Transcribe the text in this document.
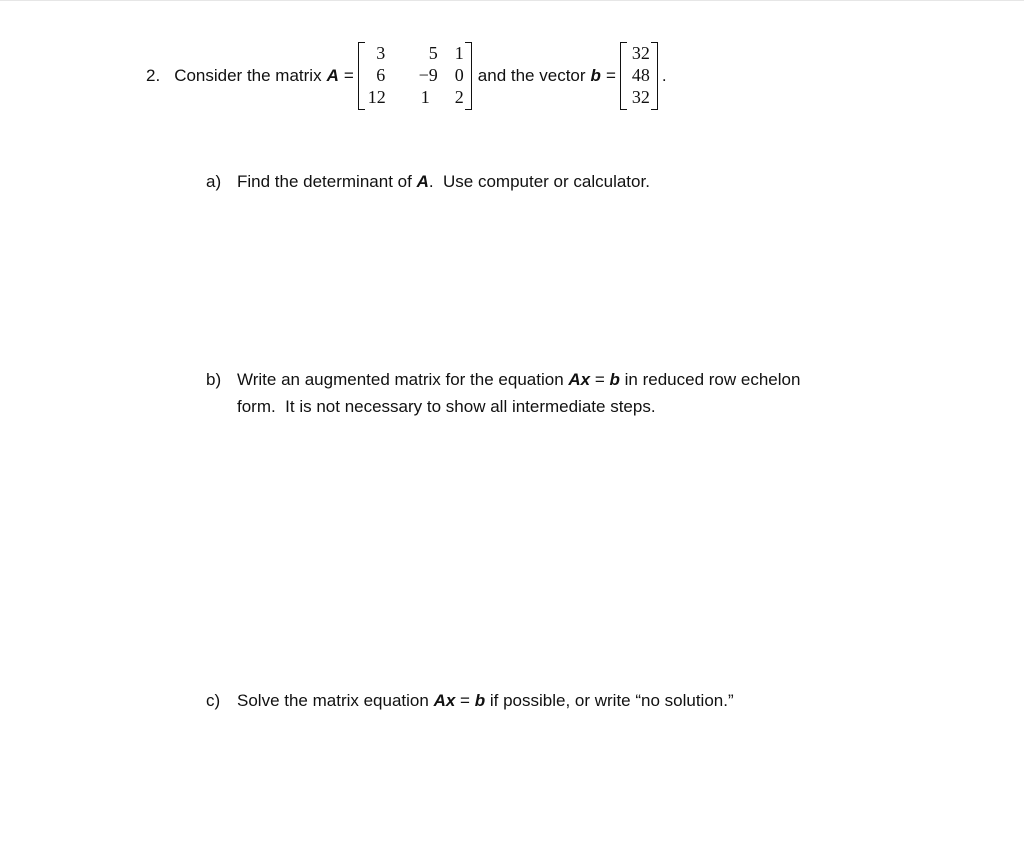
2. Consider the matrix A =
3	5 1
6	−9 0
12	1	2
and the vector b =
32
48
32
.
a) Find the determinant of A.  Use computer or calculator.
b) Write an augmented matrix for the equation Ax = b in reduced row echelon
form.  It is not necessary to show all intermediate steps.
c) Solve the matrix equation Ax = b if possible, or write “no solution.”
